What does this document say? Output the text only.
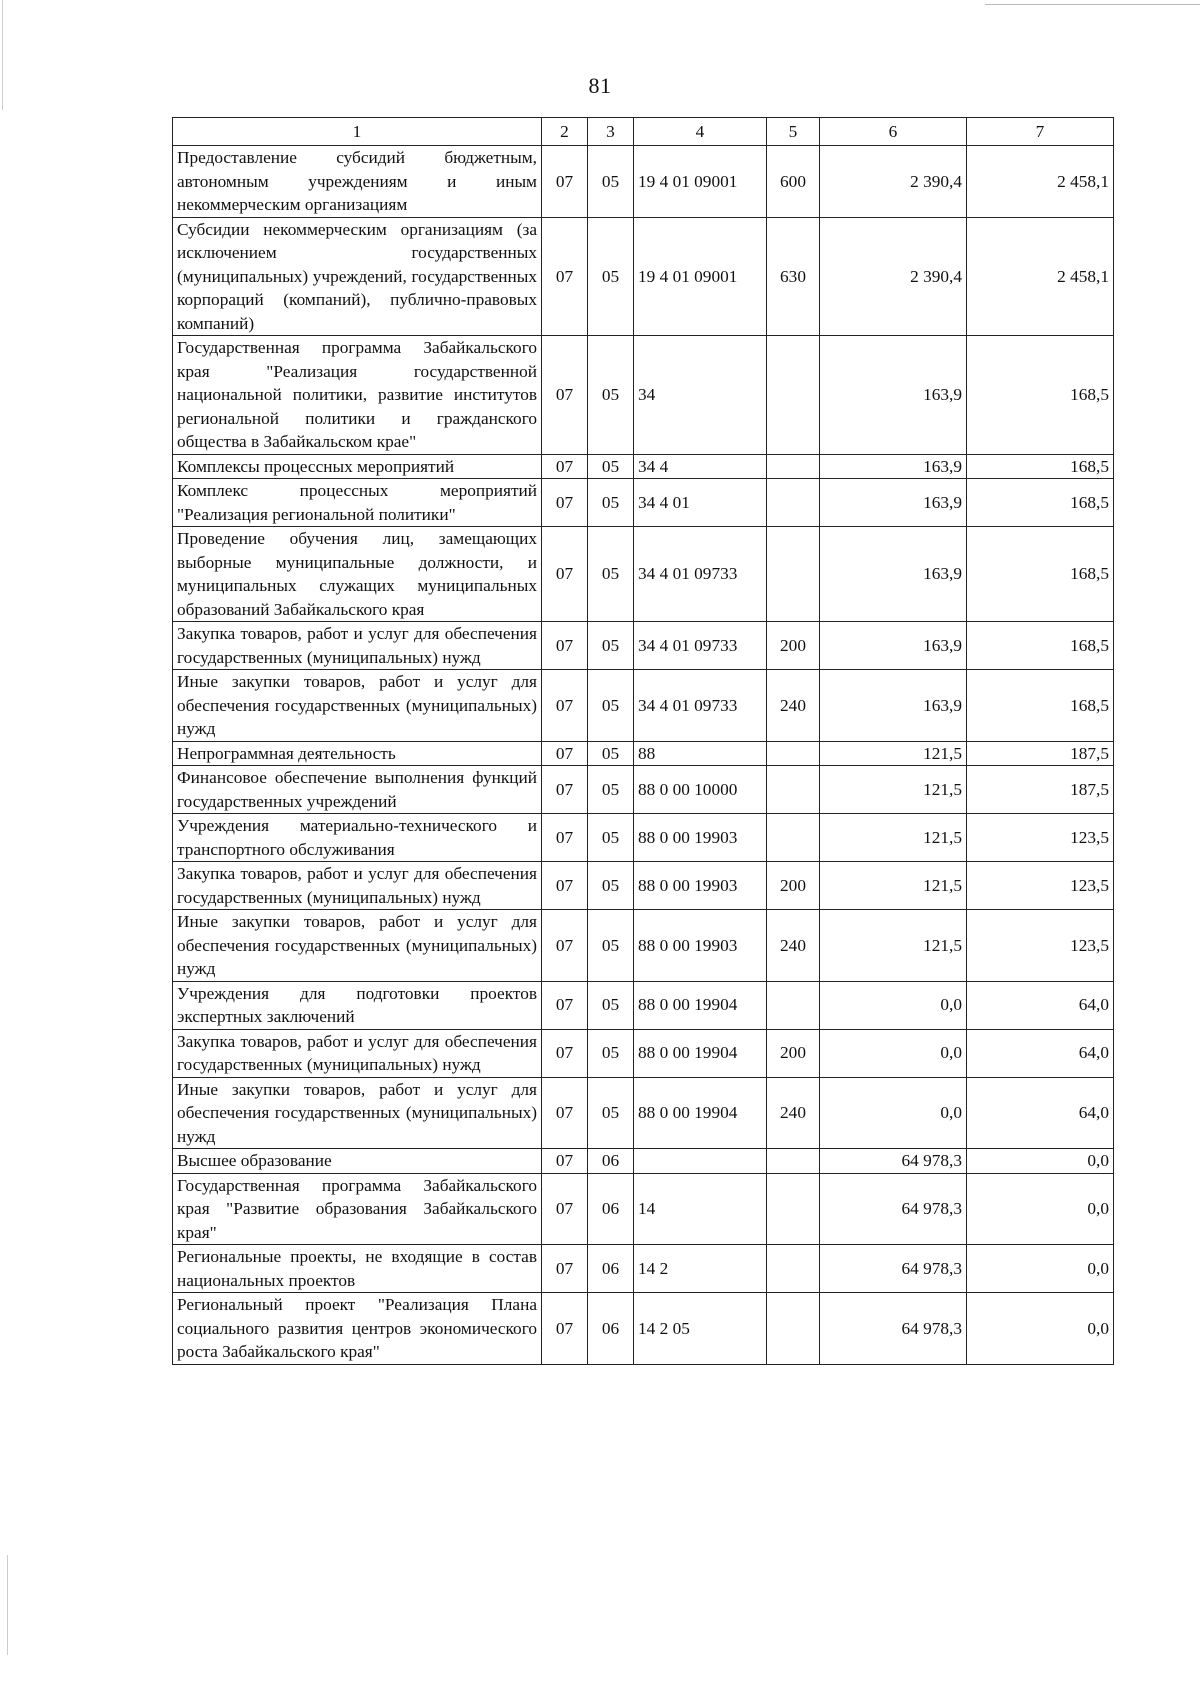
81
1	2	3	4	5	6	7
Предоставление субсидий бюджетным, автономным учреждениям и иным некоммерческим организациям	07	05	19 4 01 09001	600	2 390,4	2 458,1
Субсидии некоммерческим организациям (за исключением государственных (муниципальных) учреждений, государственных корпораций (компаний), публично-правовых компаний)	07	05	19 4 01 09001	630	2 390,4	2 458,1
Государственная программа Забайкальского края "Реализация государственной национальной политики, развитие институтов региональной политики и гражданского общества в Забайкальском крае"	07	05	34		163,9	168,5
Комплексы процессных мероприятий	07	05	34 4		163,9	168,5
Комплекс процессных мероприятий "Реализация региональной политики"	07	05	34 4 01		163,9	168,5
Проведение обучения лиц, замещающих выборные муниципальные должности, и муниципальных служащих муниципальных образований Забайкальского края	07	05	34 4 01 09733		163,9	168,5
Закупка товаров, работ и услуг для обеспечения государственных (муниципальных) нужд	07	05	34 4 01 09733	200	163,9	168,5
Иные закупки товаров, работ и услуг для обеспечения государственных (муниципальных) нужд	07	05	34 4 01 09733	240	163,9	168,5
Непрограммная деятельность	07	05	88		121,5	187,5
Финансовое обеспечение выполнения функций государственных учреждений	07	05	88 0 00 10000		121,5	187,5
Учреждения материально-технического и транспортного обслуживания	07	05	88 0 00 19903		121,5	123,5
Закупка товаров, работ и услуг для обеспечения государственных (муниципальных) нужд	07	05	88 0 00 19903	200	121,5	123,5
Иные закупки товаров, работ и услуг для обеспечения государственных (муниципальных) нужд	07	05	88 0 00 19903	240	121,5	123,5
Учреждения для подготовки проектов экспертных заключений	07	05	88 0 00 19904		0,0	64,0
Закупка товаров, работ и услуг для обеспечения государственных (муниципальных) нужд	07	05	88 0 00 19904	200	0,0	64,0
Иные закупки товаров, работ и услуг для обеспечения государственных (муниципальных) нужд	07	05	88 0 00 19904	240	0,0	64,0
Высшее образование	07	06			64 978,3	0,0
Государственная программа Забайкальского края "Развитие образования Забайкальского края"	07	06	14		64 978,3	0,0
Региональные проекты, не входящие в состав национальных проектов	07	06	14 2		64 978,3	0,0
Региональный проект "Реализация Плана социального развития центров экономического роста Забайкальского края"	07	06	14 2 05		64 978,3	0,0
